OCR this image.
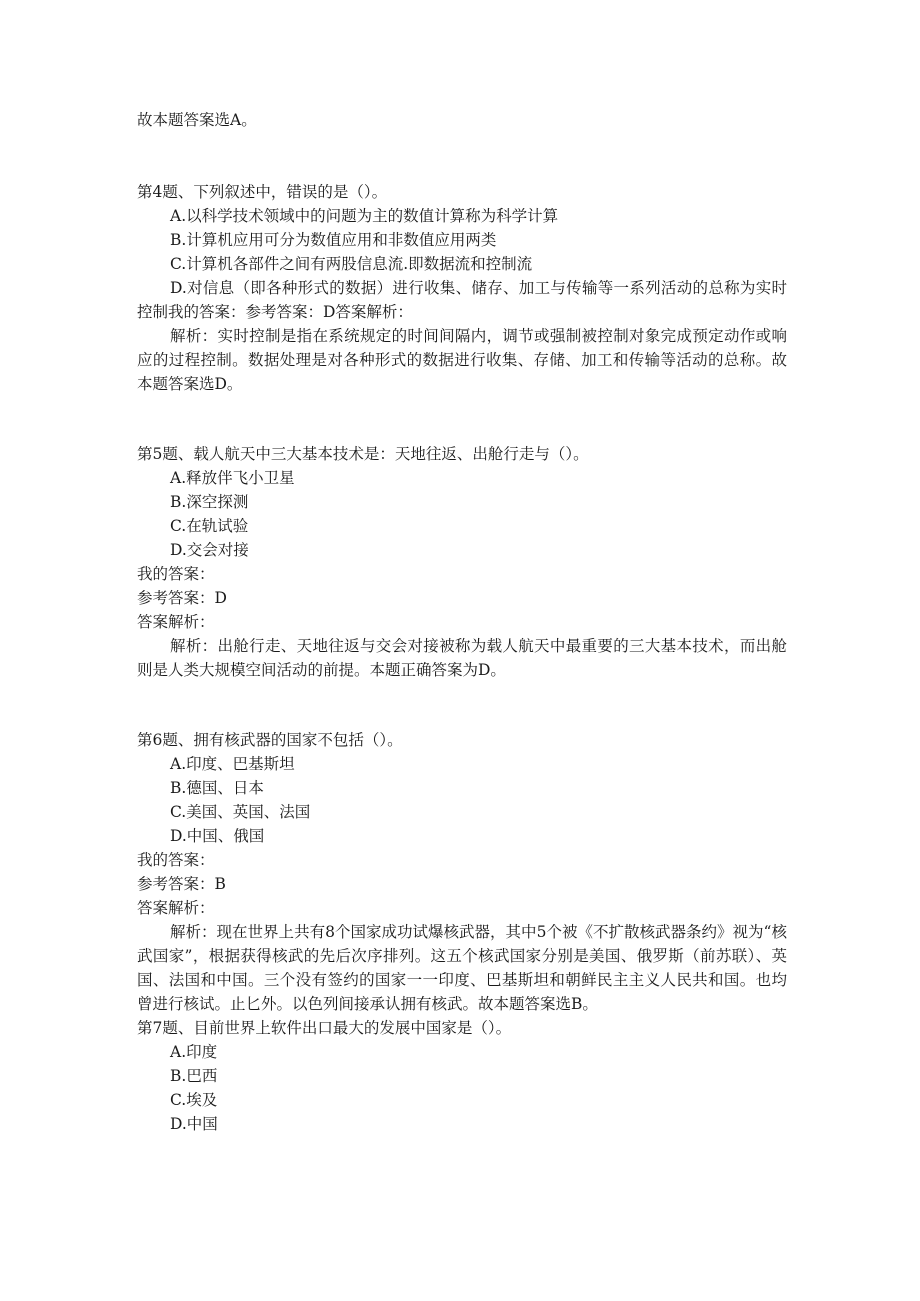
故本题答案选A。
第4题、下列叙述中，错误的是（）。
A.以科学技术领域中的问题为主的数值计算称为科学计算
B.计算机应用可分为数值应用和非数值应用两类
C.计算机各部件之间有两股信息流.即数据流和控制流
D.对信息（即各种形式的数据）进行收集、储存、加工与传输等一系列活动的总称为实时控制我的答案：参考答案：D答案解析：
解析：实时控制是指在系统规定的时间间隔内，调节或强制被控制对象完成预定动作或响应的过程控制。数据处理是对各种形式的数据进行收集、存储、加工和传输等活动的总称。故本题答案选D。
第5题、载人航天中三大基本技术是：天地往返、出舱行走与（）。
A.释放伴飞小卫星
B.深空探测
C.在轨试验
D.交会对接
我的答案：
参考答案：D
答案解析：
解析：出舱行走、天地往返与交会对接被称为载人航天中最重要的三大基本技术，而出舱则是人类大规模空间活动的前提。本题正确答案为D。
第6题、拥有核武器的国家不包括（）。
A.印度、巴基斯坦
B.德国、日本
C.美国、英国、法国
D.中国、俄国
我的答案：
参考答案：B
答案解析：
解析：现在世界上共有8个国家成功试爆核武器，其中5个被《不扩散核武器条约》视为“核武国家”，根据获得核武的先后次序排列。这五个核武国家分别是美国、俄罗斯（前苏联）、英国、法国和中国。三个没有签约的国家一一印度、巴基斯坦和朝鲜民主主义人民共和国。也均曾进行核试。止匕外。以色列间接承认拥有核武。故本题答案选B。
第7题、目前世界上软件出口最大的发展中国家是（）。
A.印度
B.巴西
C.埃及
D.中国
